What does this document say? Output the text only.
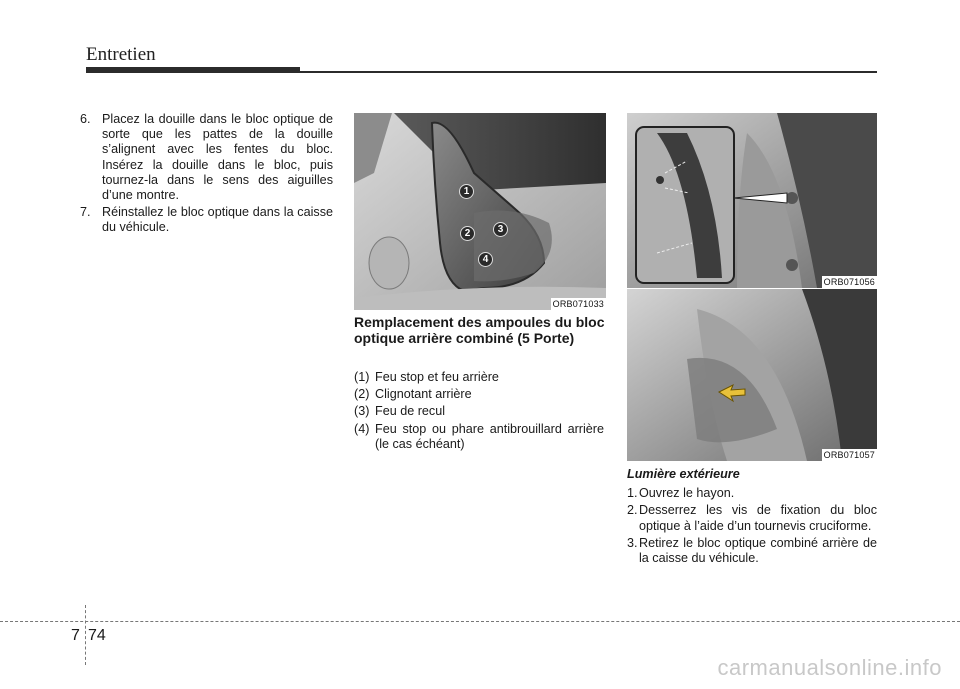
Entretien
6. Placez la douille dans le bloc optique de sorte que les pattes de la douille s’alignent avec les fentes du bloc. Insérez la douille dans le bloc, puis tournez-la dans le sens des aiguilles d’une montre.
7. Réinstallez le bloc optique dans la caisse du véhicule.
1
2	3
4
ORB071033
ORB071056
ORB071057
Remplacement des ampoules du bloc optique arrière combiné (5 Porte)
(1) Feu stop et feu arrière
(2) Clignotant arrière
(3) Feu de recul
(4) Feu stop ou phare antibrouillard arrière (le cas échéant)
Lumière extérieure
1. Ouvrez le hayon.
2. Desserrez les vis de fixation du bloc optique à l’aide d’un tournevis cruciforme.
3. Retirez le bloc optique combiné arrière de la caisse du véhicule.
7 74
carmanualsonline.info
